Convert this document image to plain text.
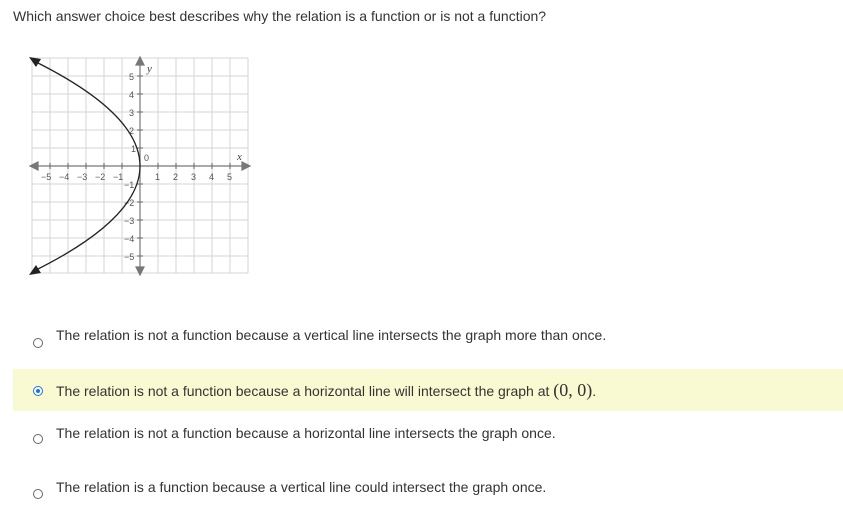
Which answer choice best describes why the relation is a function or is not a function?
x
y
0
−5 −4 −3 −2 −1	1 2 3 4 5
5
4
3
2
1
−1
−2
−3
−4
−5
The relation is not a function because a vertical line intersects the graph more than once.
The relation is not a function because a horizontal line will intersect the graph at (0, 0).
The relation is not a function because a horizontal line intersects the graph once.
The relation is a function because a vertical line could intersect the graph once.
